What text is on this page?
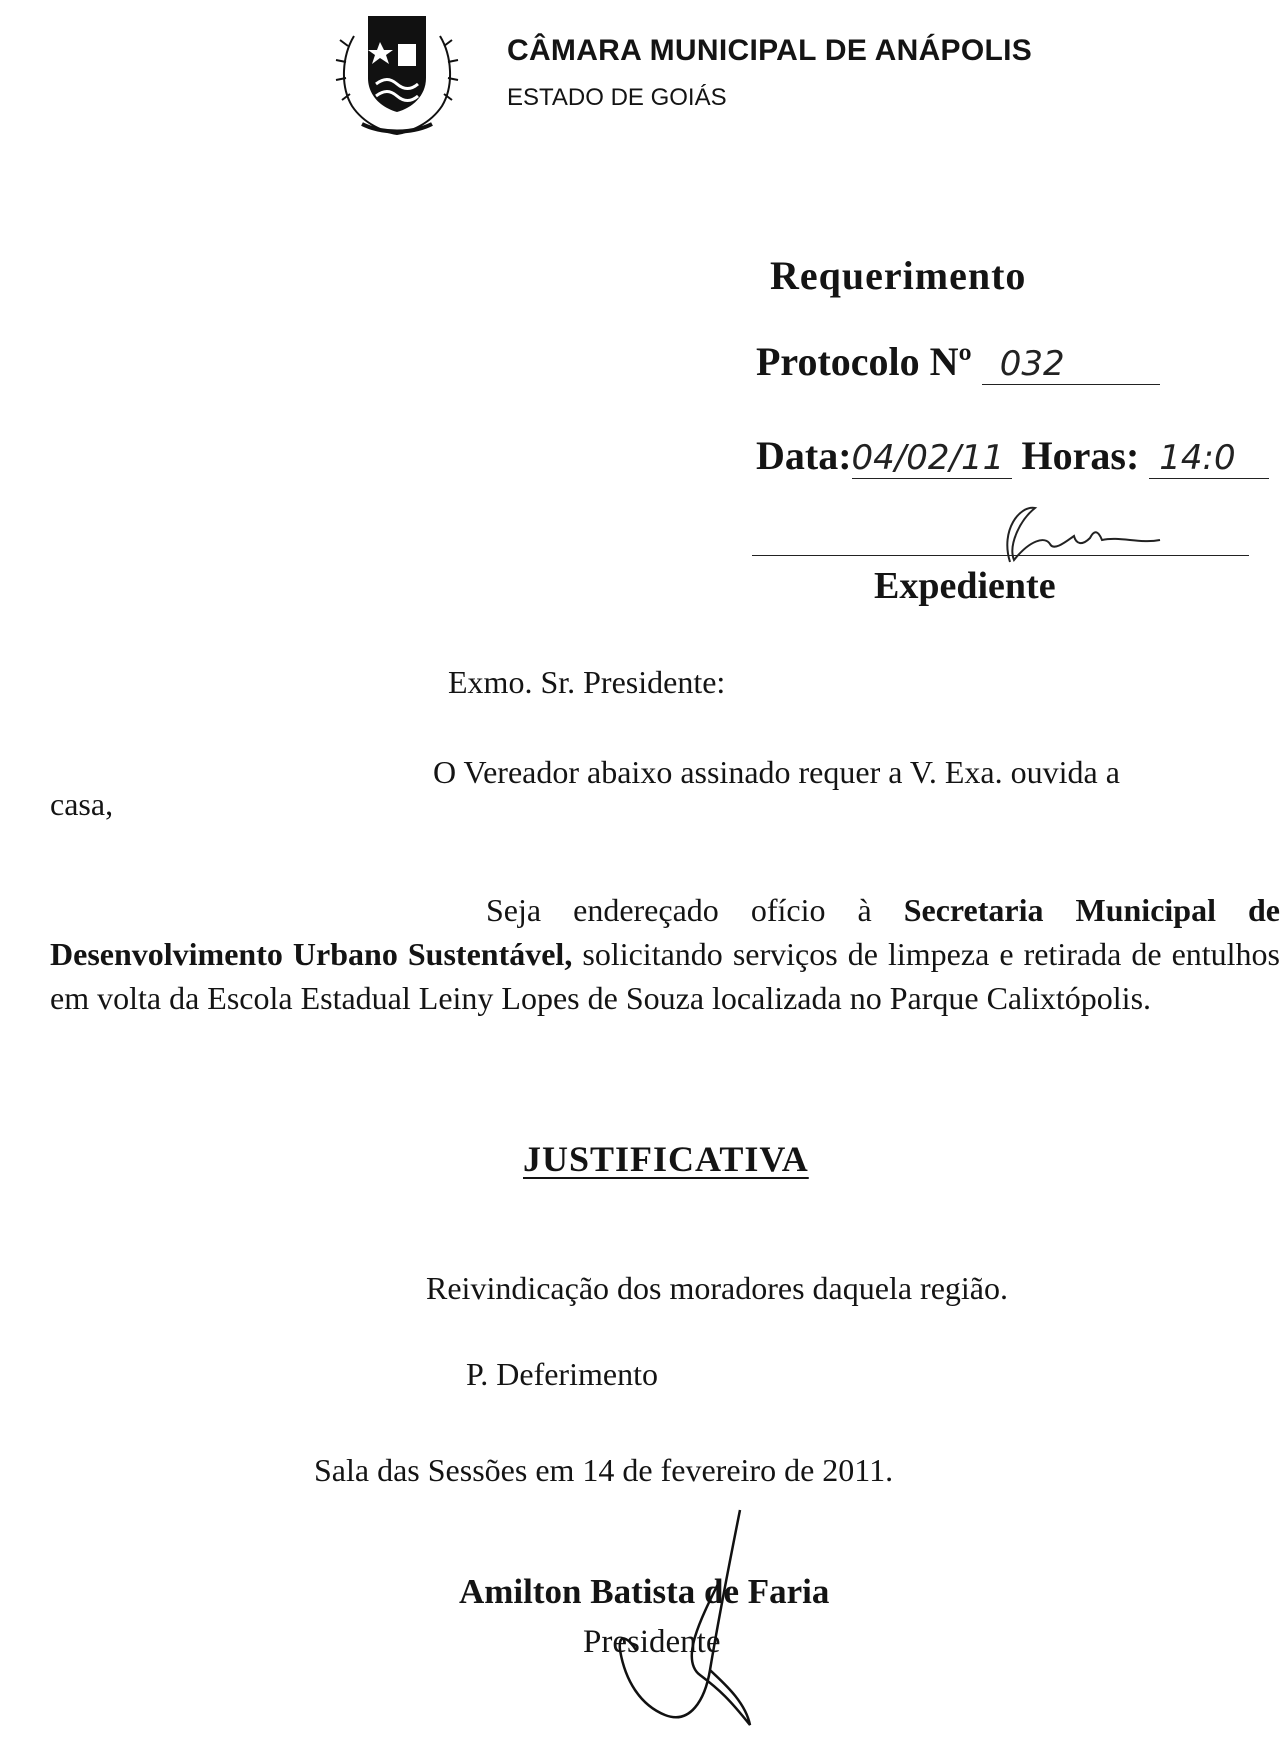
CÂMARA MUNICIPAL DE ANÁPOLIS
ESTADO DE GOIÁS
Requerimento
Protocolo Nº 032
Data:04/02/11 Horas: 14:0
Expediente
Exmo. Sr. Presidente:
O Vereador abaixo assinado requer a V. Exa. ouvida a
casa,
Seja endereçado ofício à Secretaria Municipal de Desenvolvimento Urbano Sustentável, solicitando serviços de limpeza e retirada de entulhos em volta da Escola Estadual Leiny Lopes de Souza localizada no Parque Calixtópolis.
JUSTIFICATIVA
Reivindicação dos moradores daquela região.
P. Deferimento
Sala das Sessões em 14 de fevereiro de 2011.
Amilton Batista de Faria
Presidente
